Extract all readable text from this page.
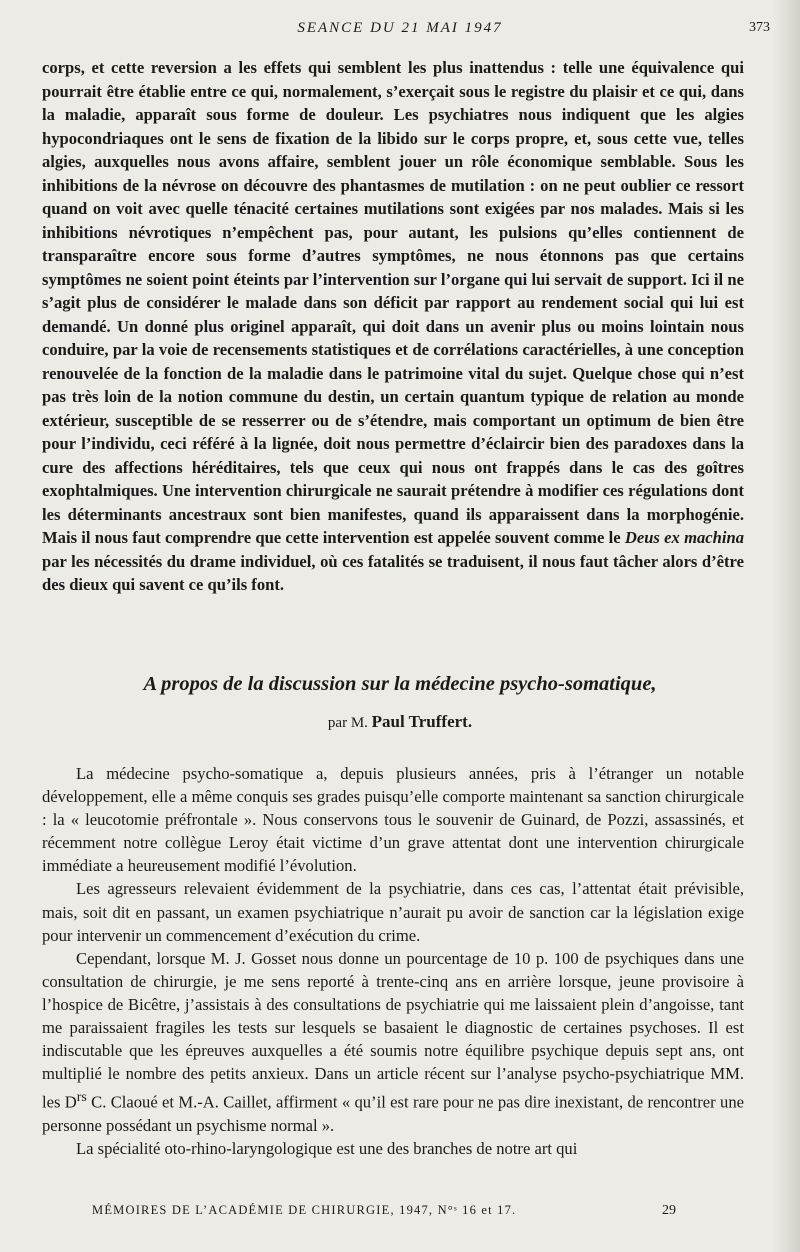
SEANCE DU 21 MAI 1947	373

corps, et cette reversion a les effets qui semblent les plus inattendus : telle une équivalence qui pourrait être établie entre ce qui, normalement, s’exerçait sous le registre du plaisir et ce qui, dans la maladie, apparaît sous forme de douleur. Les psychiatres nous indiquent que les algies hypocondriaques ont le sens de fixation de la libido sur le corps propre, et, sous cette vue, telles algies, auxquelles nous avons affaire, semblent jouer un rôle économique semblable. Sous les inhibitions de la névrose on découvre des phantasmes de mutilation : on ne peut oublier ce ressort quand on voit avec quelle ténacité certaines mutilations sont exigées par nos malades. Mais si les inhibitions névrotiques n’empêchent pas, pour autant, les pulsions qu’elles contiennent de transparaître encore sous forme d’autres symptômes, ne nous étonnons pas que certains symptômes ne soient point éteints par l’intervention sur l’organe qui lui servait de support. Ici il ne s’agit plus de considérer le malade dans son déficit par rapport au rendement social qui lui est demandé. Un donné plus originel apparaît, qui doit dans un avenir plus ou moins lointain nous conduire, par la voie de recensements statistiques et de corrélations caractérielles, à une conception renouvelée de la fonction de la maladie dans le patrimoine vital du sujet. Quelque chose qui n’est pas très loin de la notion commune du destin, un certain quantum typique de relation au monde extérieur, susceptible de se resserrer ou de s’étendre, mais comportant un optimum de bien être pour l’individu, ceci référé à la lignée, doit nous permettre d’éclaircir bien des paradoxes dans la cure des affections héréditaires, tels que ceux qui nous ont frappés dans le cas des goîtres exophtalmiques. Une intervention chirurgicale ne saurait prétendre à modifier ces régulations dont les déterminants ancestraux sont bien manifestes, quand ils apparaissent dans la morphogénie. Mais il nous faut comprendre que cette intervention est appelée souvent comme le Deus ex machina par les nécessités du drame individuel, où ces fatalités se traduisent, il nous faut tâcher alors d’être des dieux qui savent ce qu’ils font.

A propos de la discussion sur la médecine psycho-somatique,
par M. Paul Truffert.

La médecine psycho-somatique a, depuis plusieurs années, pris à l’étranger un notable développement, elle a même conquis ses grades puisqu’elle comporte maintenant sa sanction chirurgicale : la « leucotomie préfrontale ». Nous conservons tous le souvenir de Guinard, de Pozzi, assassinés, et récemment notre collègue Leroy était victime d’un grave attentat dont une intervention chirurgicale immédiate a heureusement modifié l’évolution.

Les agresseurs relevaient évidemment de la psychiatrie, dans ces cas, l’attentat était prévisible, mais, soit dit en passant, un examen psychiatrique n’aurait pu avoir de sanction car la législation exige pour intervenir un commencement d’exécution du crime.

Cependant, lorsque M. J. Gosset nous donne un pourcentage de 10 p. 100 de psychiques dans une consultation de chirurgie, je me sens reporté à trente-cinq ans en arrière lorsque, jeune provisoire à l’hospice de Bicêtre, j’assistais à des consultations de psychiatrie qui me laissaient plein d’angoisse, tant me paraissaient fragiles les tests sur lesquels se basaient le diagnostic de certaines psychoses. Il est indiscutable que les épreuves auxquelles a été soumis notre équilibre psychique depuis sept ans, ont multiplié le nombre des petits anxieux. Dans un article récent sur l’analyse psycho-psychiatrique MM. les $D^{rs}$ C. Claoué et M.-A. Caillet, affirment « qu’il est rare pour ne pas dire inexistant, de rencontrer une personne possédant un psychisme normal ».

La spécialité oto-rhino-laryngologique est une des branches de notre art qui

MÉMOIRES DE L’ACADÉMIE DE CHIRURGIE, 1947, N°ˢ 16 et 17.	29
